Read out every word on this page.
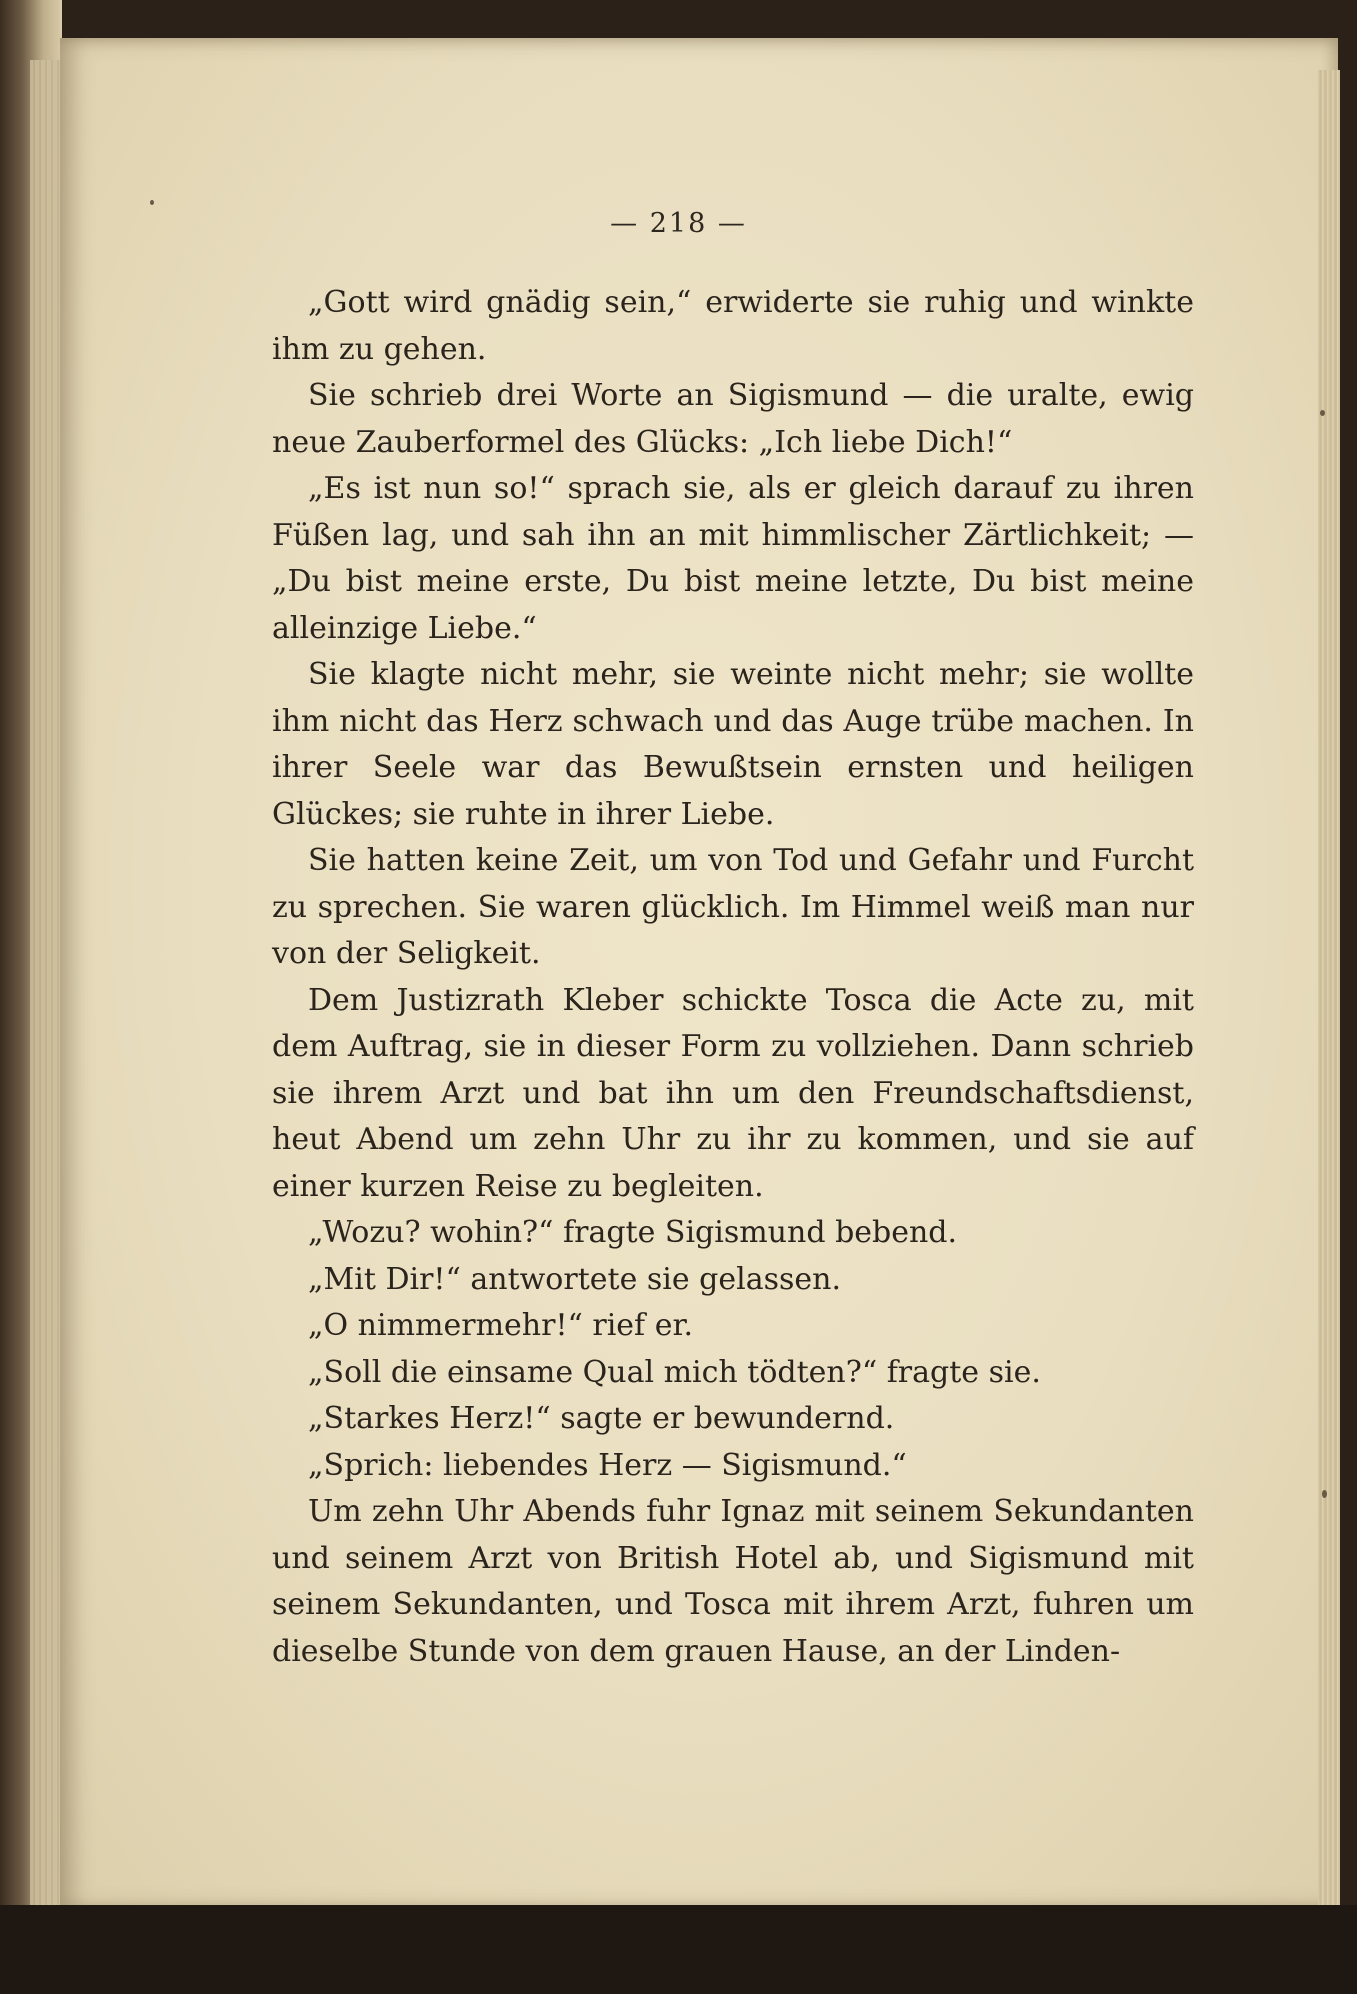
— 218 —

„Gott wird gnädig sein,“ erwiderte sie ruhig und winkte ihm zu gehen.

Sie schrieb drei Worte an Sigismund — die uralte, ewig neue Zauberformel des Glücks: „Ich liebe Dich!“

„Es ist nun so!“ sprach sie, als er gleich darauf zu ihren Füßen lag, und sah ihn an mit himmlischer Zärtlichkeit; — „Du bist meine erste, Du bist meine letzte, Du bist meine alleinzige Liebe.“

Sie klagte nicht mehr, sie weinte nicht mehr; sie wollte ihm nicht das Herz schwach und das Auge trübe machen. In ihrer Seele war das Bewußtsein ernsten und heiligen Glückes; sie ruhte in ihrer Liebe.

Sie hatten keine Zeit, um von Tod und Gefahr und Furcht zu sprechen. Sie waren glücklich. Im Himmel weiß man nur von der Seligkeit.

Dem Justizrath Kleber schickte Tosca die Acte zu, mit dem Auftrag, sie in dieser Form zu vollziehen. Dann schrieb sie ihrem Arzt und bat ihn um den Freundschaftsdienst, heut Abend um zehn Uhr zu ihr zu kommen, und sie auf einer kurzen Reise zu begleiten.

„Wozu? wohin?“ fragte Sigismund bebend.

„Mit Dir!“ antwortete sie gelassen.

„O nimmermehr!“ rief er.

„Soll die einsame Qual mich tödten?“ fragte sie.

„Starkes Herz!“ sagte er bewundernd.

„Sprich: liebendes Herz — Sigismund.“

Um zehn Uhr Abends fuhr Ignaz mit seinem Sekundanten und seinem Arzt von British Hotel ab, und Sigismund mit seinem Sekundanten, und Tosca mit ihrem Arzt, fuhren um dieselbe Stunde von dem grauen Hause, an der Linden-
